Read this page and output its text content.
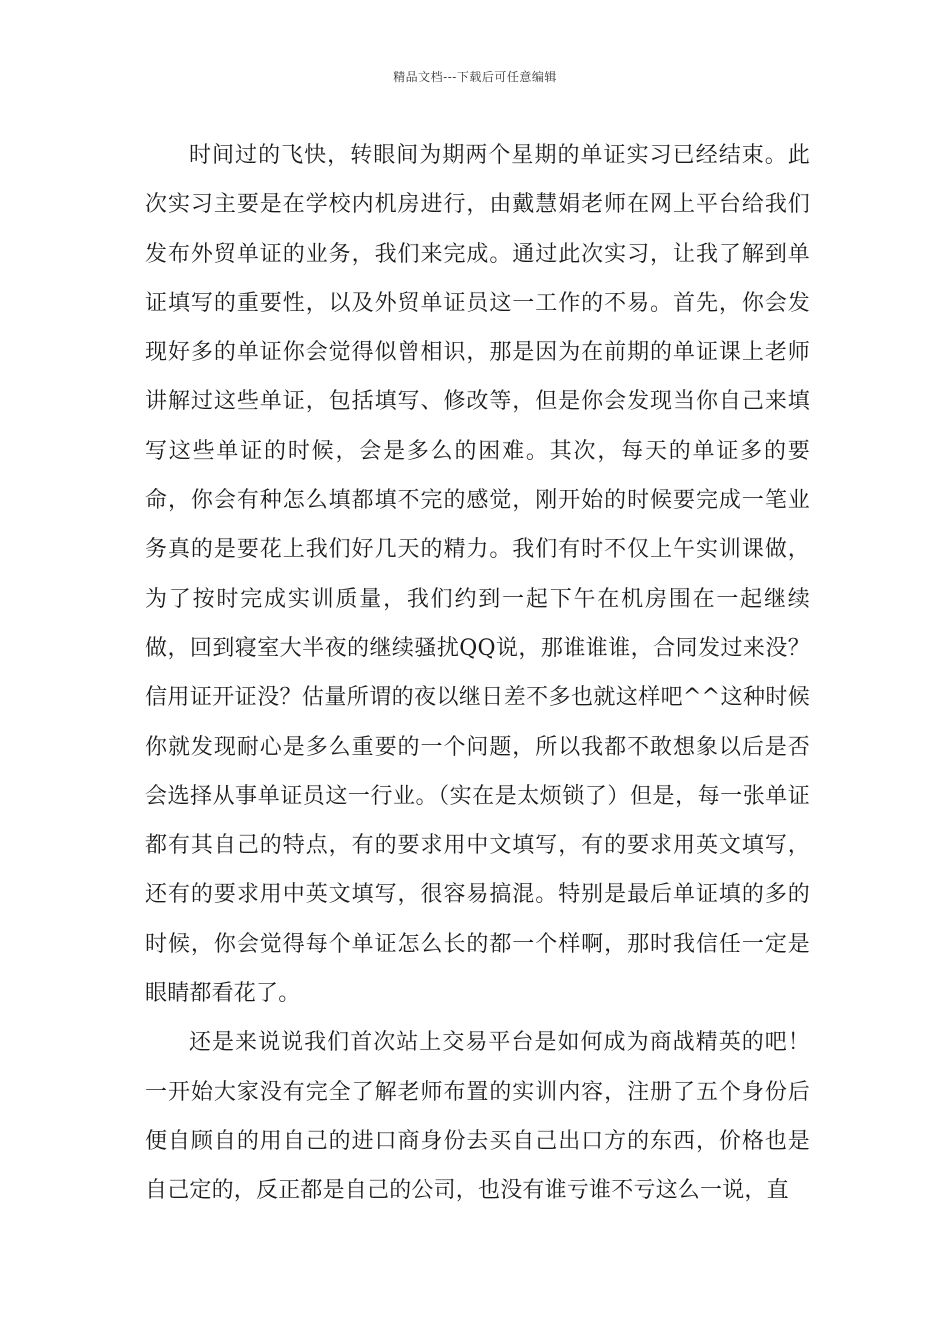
精品文档---下载后可任意编辑

时间过的飞快，转眼间为期两个星期的单证实习已经结束。此次实习主要是在学校内机房进行，由戴慧娟老师在网上平台给我们发布外贸单证的业务，我们来完成。通过此次实习，让我了解到单证填写的重要性，以及外贸单证员这一工作的不易。首先，你会发现好多的单证你会觉得似曾相识，那是因为在前期的单证课上老师讲解过这些单证，包括填写、修改等，但是你会发现当你自己来填写这些单证的时候，会是多么的困难。其次，每天的单证多的要命，你会有种怎么填都填不完的感觉，刚开始的时候要完成一笔业务真的是要花上我们好几天的精力。我们有时不仅上午实训课做，为了按时完成实训质量，我们约到一起下午在机房围在一起继续做，回到寝室大半夜的继续骚扰QQ说，那谁谁谁，合同发过来没？信用证开证没？估量所谓的夜以继日差不多也就这样吧^^这种时候你就发现耐心是多么重要的一个问题，所以我都不敢想象以后是否会选择从事单证员这一行业。（实在是太烦锁了）但是，每一张单证都有其自己的特点，有的要求用中文填写，有的要求用英文填写，还有的要求用中英文填写，很容易搞混。特别是最后单证填的多的时候，你会觉得每个单证怎么长的都一个样啊，那时我信任一定是眼睛都看花了。

还是来说说我们首次站上交易平台是如何成为商战精英的吧！一开始大家没有完全了解老师布置的实训内容，注册了五个身份后便自顾自的用自己的进口商身份去买自己出口方的东西，价格也是自己定的，反正都是自己的公司，也没有谁亏谁不亏这么一说，直
